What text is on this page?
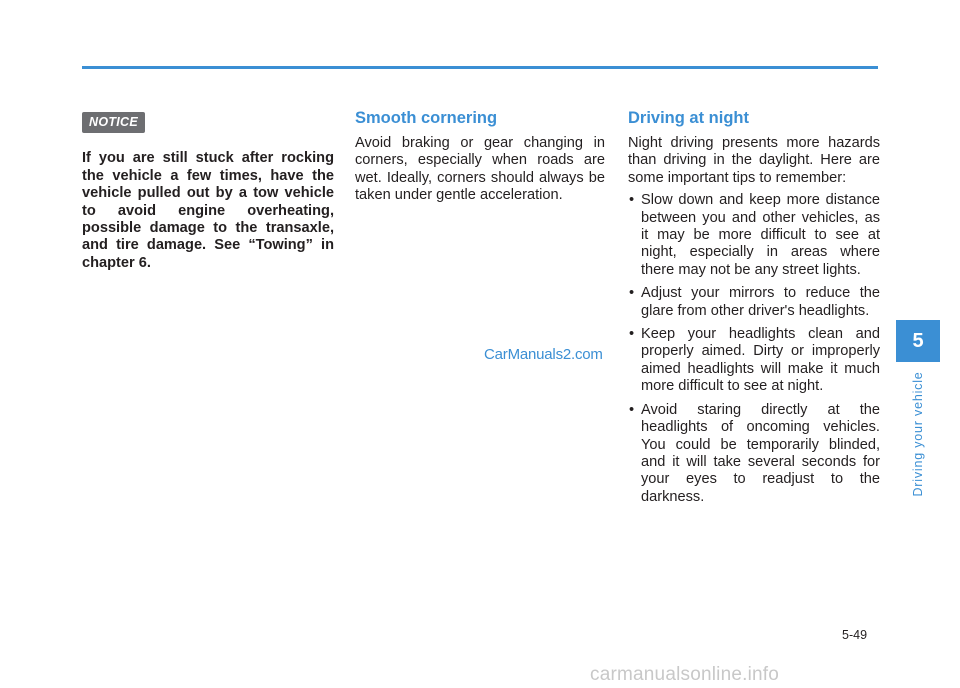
NOTICE

If you are still stuck after rocking the vehicle a few times, have the vehicle pulled out by a tow vehicle to avoid engine overheating, possible damage to the transaxle, and tire damage. See “Towing” in chapter 6.

Smooth cornering

Avoid braking or gear changing in corners, especially when roads are wet. Ideally, corners should always be taken under gentle acceleration.

Driving at night

Night driving presents more hazards than driving in the daylight. Here are some important tips to remember:

• Slow down and keep more distance between you and other vehicles, as it may be more difficult to see at night, especially in areas where there may not be any street lights.
• Adjust your mirrors to reduce the glare from other driver's headlights.
• Keep your headlights clean and properly aimed. Dirty or improperly aimed headlights will make it much more difficult to see at night.
• Avoid staring directly at the headlights of oncoming vehicles. You could be temporarily blinded, and it will take several seconds for your eyes to readjust to the darkness.
CarManuals2.com
5
Driving your vehicle
5-49
carmanualsonline.info
